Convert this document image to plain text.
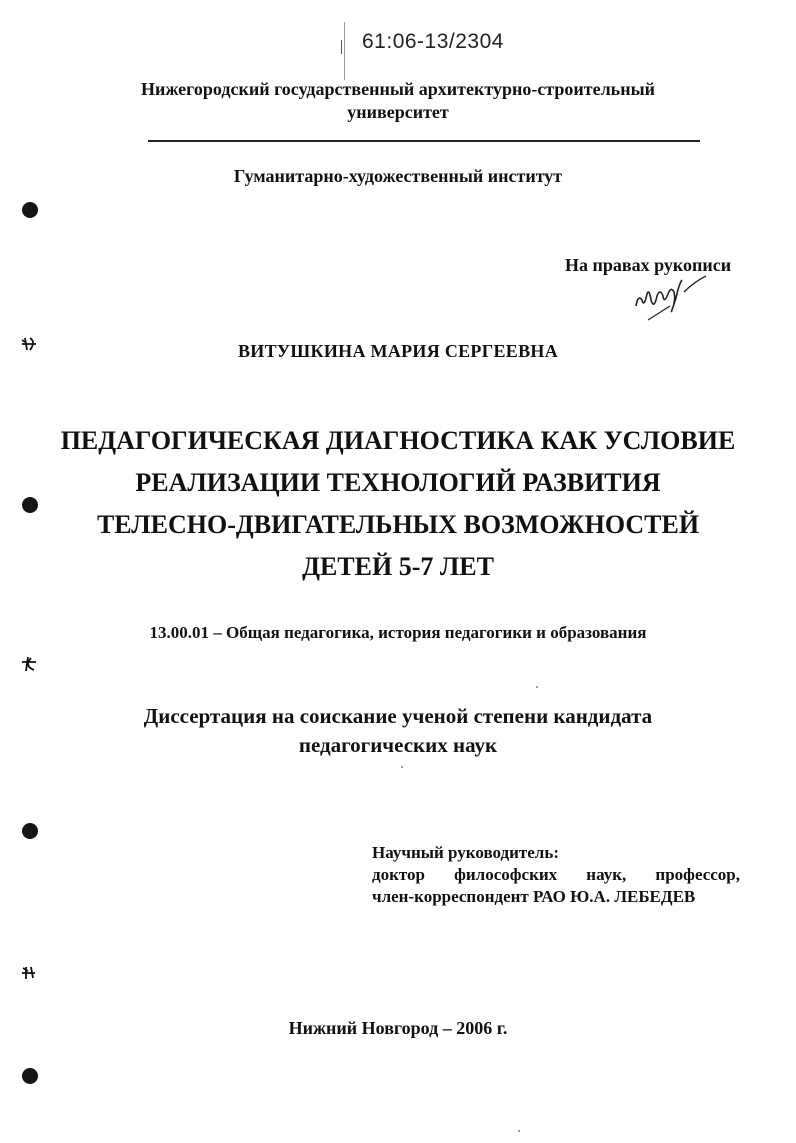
61:06-13/2304
Нижегородский государственный архитектурно-строительный
университет
Гуманитарно-художественный институт
На правах рукописи
ВИТУШКИНА МАРИЯ СЕРГЕЕВНА
ПЕДАГОГИЧЕСКАЯ ДИАГНОСТИКА КАК УСЛОВИЕ
РЕАЛИЗАЦИИ ТЕХНОЛОГИЙ РАЗВИТИЯ
ТЕЛЕСНО-ДВИГАТЕЛЬНЫХ ВОЗМОЖНОСТЕЙ
ДЕТЕЙ 5-7 ЛЕТ
13.00.01 – Общая педагогика, история педагогики и образования
Диссертация на соискание ученой степени кандидата
педагогических наук
Научный руководитель:
доктор философских наук, профессор,
член-корреспондент РАО Ю.А. ЛЕБЕДЕВ
Нижний Новгород – 2006 г.
